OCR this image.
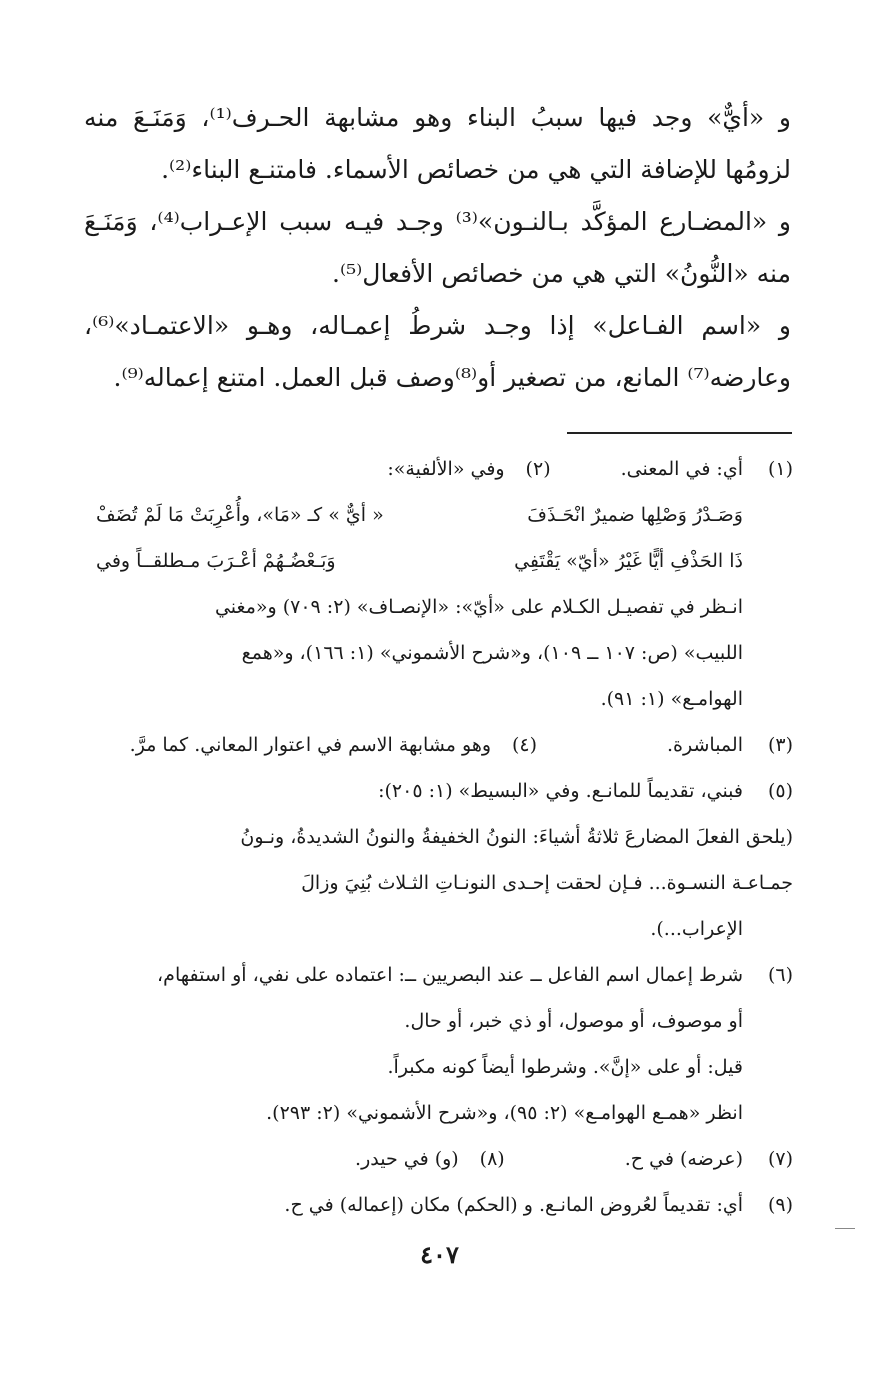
و «أيٌّ» وجد فيها سببُ البناء وهو مشابهة الحـرف⁽¹⁾، وَمَنَـعَ منه لزومُها للإضافة التي هي من خصائص الأسماء. فامتنـع البناء⁽²⁾.

و «المضـارع المؤكَّد بـالنـون»⁽³⁾ وجـد فيـه سبب الإعـراب⁽⁴⁾، وَمَنَـعَ منه «النُّونُ» التي هي من خصائص الأفعال⁽⁵⁾.

و «اسم الفـاعل» إذا وجـد شرطُ إعمـاله، وهـو «الاعتمـاد»⁽⁶⁾، وعارضه⁽⁷⁾ المانع، من تصغير أو⁽⁸⁾وصف قبل العمل. امتنع إعماله⁽⁹⁾.

(١)
أي: في المعنى.
(٢)
وفي «الألفية»:
وَصَـدْرُ وَصْلِها ضميرٌ انْحَـذَفَ
« أيٌّ » كـ «مَا»، وأُعْرِبَتْ مَا لَمْ تُضَفْ
ذَا الحَذْفِ أيًّا غَيْرُ «أيّ» يَقْتَفِي
وَبَـعْضُـهُمْ أعْـرَبَ مـطلقــاً وفي
انـظر في تفصيـل الكـلام على «أيّ»: «الإنصـاف» (٢: ٧٠٩) و«مغني
اللبيب» (ص: ١٠٧ ــ ١٠٩)، و«شرح الأشموني» (١: ١٦٦)، و«همع
الهوامـع» (١: ٩١).
(٣)
المباشرة.
(٤)
وهو مشابهة الاسم في اعتوار المعاني. كما مرَّ.
(٥)
فبني، تقديماً للمانـع. وفي «البسيط» (١: ٢٠٥):
(يلحق الفعلَ المضارعَ ثلاثةُ أشياءَ: النونُ الخفيفةُ والنونُ الشديدةُ، ونـونُ
جمـاعـة النسـوة... فـإن لحقت إحـدى النونـاتِ الثـلاث بُنِيَ وزالَ
الإعراب...).
(٦)
شرط إعمال اسم الفاعل ــ عند البصريين ــ: اعتماده على نفي، أو استفهام،
أو موصوف، أو موصول، أو ذي خبر، أو حال.
قيل: أو على «إنَّ». وشرطوا أيضاً كونه مكبراً.
انظر «همـع الهوامـع» (٢: ٩٥)، و«شرح الأشموني» (٢: ٢٩٣).
(٧)
(عرضه) في ح.
(٨)
(و) في حيدر.
(٩)
أي: تقديماً لعُروض المانـع. و (الحكم) مكان (إعماله) في ح.
٤٠٧
